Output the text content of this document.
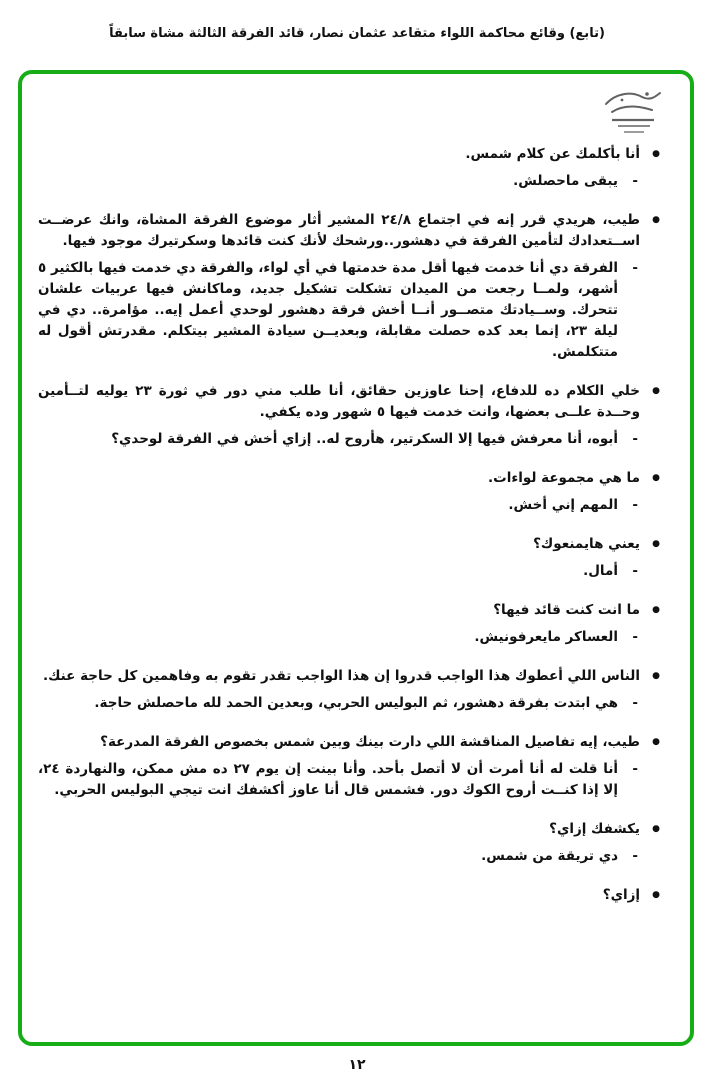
(تابع) وقائع محاكمة اللواء متقاعد عثمان نصار، قائد الفرقة الثالثة مشاة سابقاً
●
أنا بأكلمك عن كلام شمس.
-
يبقى ماحصلش.
●
طيب، هريدي قرر إنه في اجتماع ٢٤/٨ المشير أثار موضوع الفرقة المشاة، وانك عرضــت اســتعدادك لتأمين الفرقة في دهشور..ورشحك لأنك كنت قائدها وسكرتيرك موجود فيها.
-
الفرقة دي أنا خدمت فيها أقل مدة خدمتها في أي لواء، والفرقة دي خدمت فيها بالكثير ٥ أشهر، ولمــا رجعت من الميدان تشكلت تشكيل جديد، وماكانش فيها عربيات علشان تتحرك. وســيادتك متصــور أنــا أخش فرقة دهشور لوحدي أعمل إيه.. مؤامرة.. دي في ليلة ٢٣، إنما بعد كده حصلت مقابلة، وبعديــن سيادة المشير بيتكلم. مقدرتش أقول له متتكلمش.
●
خلي الكلام ده للدفاع، إحنا عاوزين حقائق، أنا طلب مني دور في ثورة ٢٣ يوليه لتــأمين وحــدة علــى بعضها، وانت خدمت فيها ٥ شهور وده يكفي.
-
أبوه، أنا معرفش فيها إلا السكرتير، هأروح له.. إزاي أخش في الفرقة لوحدي؟
●
ما هي مجموعة لواءات.
-
المهم إني أخش.
●
يعني هايمنعوك؟
-
أمال.
●
ما انت كنت قائد فيها؟
-
العساكر مايعرفونيش.
●
الناس اللي أعطوك هذا الواجب قدروا إن هذا الواجب تقدر تقوم به وفاهمين كل حاجة عنك.
-
هي ابتدت بفرقة دهشور، ثم البوليس الحربي، وبعدين الحمد لله ماحصلش حاجة.
●
طيب، إيه تفاصيل المناقشة اللي دارت بينك وبين شمس بخصوص الفرقة المدرعة؟
-
أنا قلت له أنا أمرت أن لا أتصل بأحد. وأنا بينت إن يوم ٢٧ ده مش ممكن، والنهاردة ٢٤، إلا إذا كنــت أروح الكوك دور. فشمس قال أنا عاوز أكشفك انت تيجي البوليس الحربي.
●
يكشفك إزاي؟
-
دي تريقة من شمس.
●
إزاي؟
١٢
